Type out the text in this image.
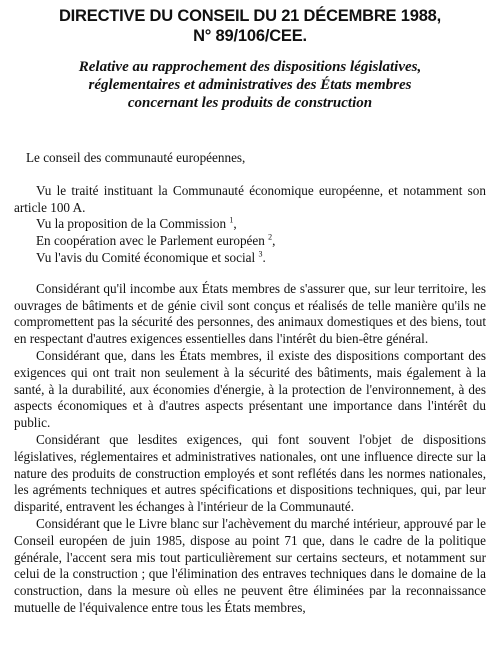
DIRECTIVE DU CONSEIL DU 21 DÉCEMBRE 1988,
N° 89/106/CEE.
Relative au rapprochement des dispositions législatives,
réglementaires et administratives des États membres
concernant les produits de construction

Le conseil des communauté européennes,

Vu le traité instituant la Communauté économique européenne, et notamment son article 100 A.

Vu la proposition de la Commission $^1$,

En coopération avec le Parlement européen $^2$,

Vu l'avis du Comité économique et social $^3$.

Considérant qu'il incombe aux États membres de s'assurer que, sur leur territoire, les ouvrages de bâtiments et de génie civil sont conçus et réalisés de telle manière qu'ils ne compromettent pas la sécurité des personnes, des animaux domestiques et des biens, tout en respectant d'autres exigences essentielles dans l'intérêt du bien-être général.

Considérant que, dans les États membres, il existe des dispositions comportant des exigences qui ont trait non seulement à la sécurité des bâtiments, mais également à la santé, à la durabilité, aux économies d'énergie, à la protection de l'environnement, à des aspects économiques et à d'autres aspects présentant une importance dans l'intérêt du public.

Considérant que lesdites exigences, qui font souvent l'objet de dispositions législatives, réglementaires et administratives nationales, ont une influence directe sur la nature des produits de construction employés et sont reflétés dans les normes nationales, les agréments techniques et autres spécifications et dispositions techniques, qui, par leur disparité, entravent les échanges à l'intérieur de la Communauté.

Considérant que le Livre blanc sur l'achèvement du marché intérieur, approuvé par le Conseil européen de juin 1985, dispose au point 71 que, dans le cadre de la politique générale, l'accent sera mis tout particulièrement sur certains secteurs, et notamment sur celui de la construction ; que l'élimination des entraves techniques dans le domaine de la construction, dans la mesure où elles ne peuvent être éliminées par la reconnaissance mutuelle de l'équivalence entre tous les États membres,
